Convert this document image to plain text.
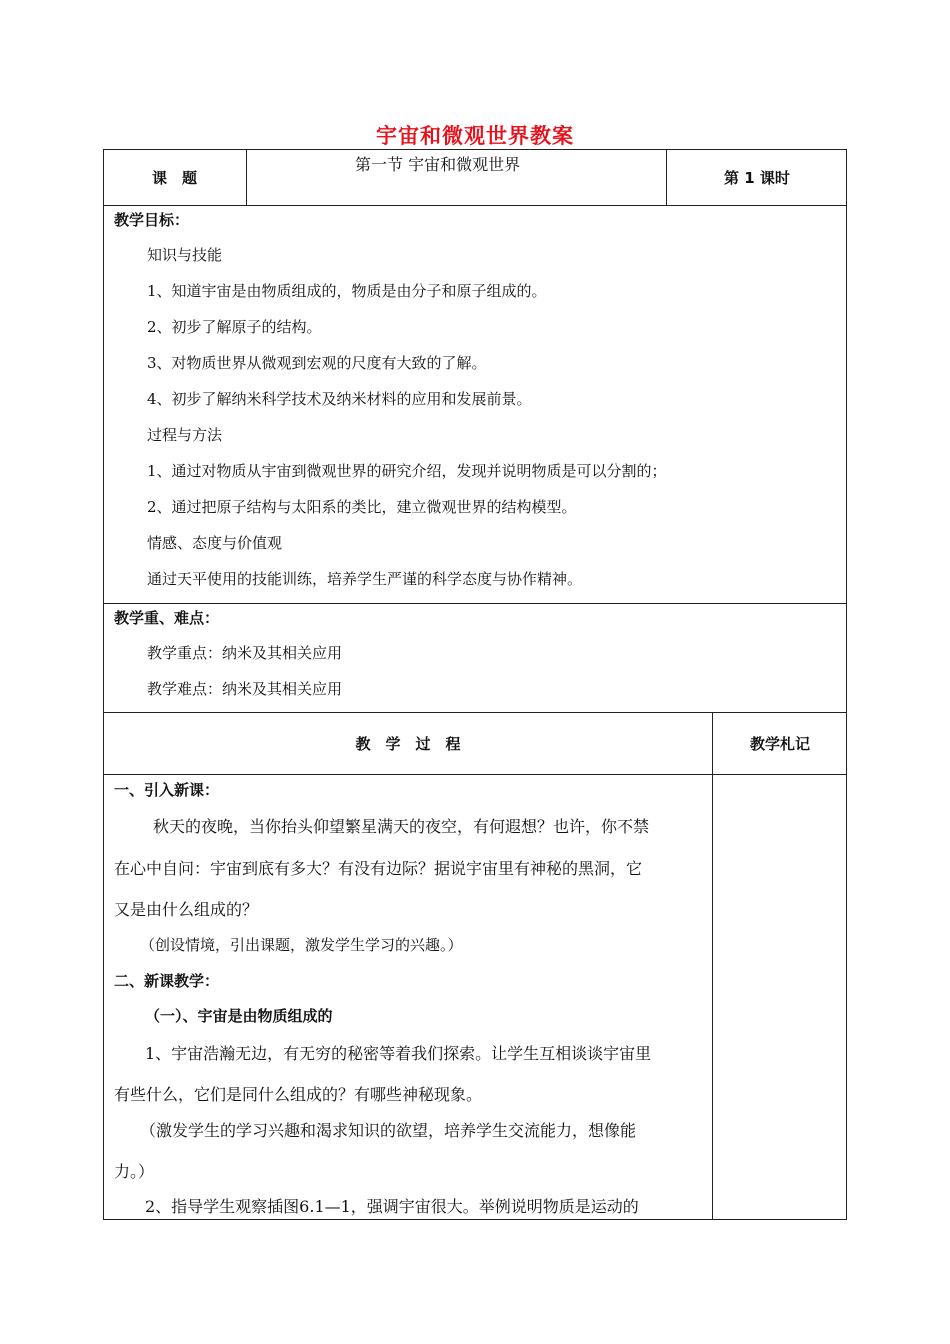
宇宙和微观世界教案
课　题
第一节 宇宙和微观世界
第 1 课时
教学目标：
知识与技能
1、知道宇宙是由物质组成的，物质是由分子和原子组成的。
2、初步了解原子的结构。
3、对物质世界从微观到宏观的尺度有大致的了解。
4、初步了解纳米科学技术及纳米材料的应用和发展前景。
过程与方法
1、通过对物质从宇宙到微观世界的研究介绍，发现并说明物质是可以分割的；
2、通过把原子结构与太阳系的类比，建立微观世界的结构模型。
情感、态度与价值观
通过天平使用的技能训练，培养学生严谨的科学态度与协作精神。
教学重、难点：
教学重点：纳米及其相关应用
教学难点：纳米及其相关应用
教　学　过　程	教学札记
一、引入新课：
秋天的夜晚，当你抬头仰望繁星满天的夜空，有何遐想？也许，你不禁
在心中自问：宇宙到底有多大？有没有边际？据说宇宙里有神秘的黑洞，它
又是由什么组成的？
（创设情境，引出课题，激发学生学习的兴趣。）
二、新课教学：
（一）、宇宙是由物质组成的
1、宇宙浩瀚无边，有无穷的秘密等着我们探索。让学生互相谈谈宇宙里
有些什么，它们是同什么组成的？有哪些神秘现象。
（激发学生的学习兴趣和渴求知识的欲望，培养学生交流能力，想像能
力。）
2、指导学生观察插图6.1—1，强调宇宙很大。举例说明物质是运动的
